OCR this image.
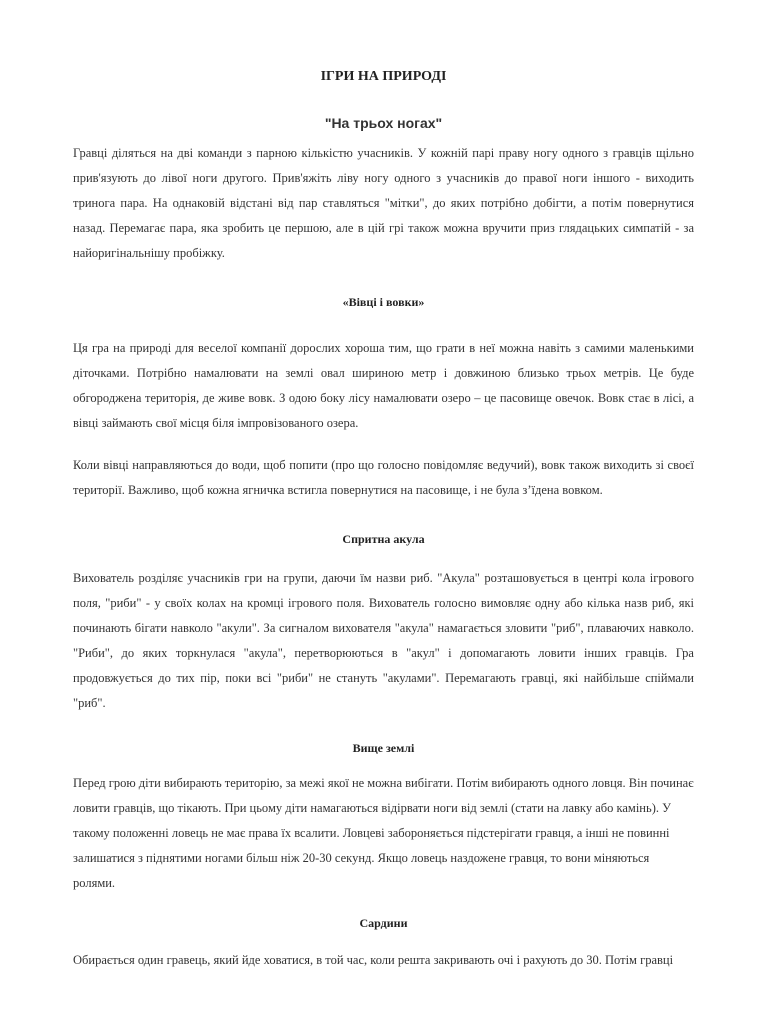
ІГРИ НА ПРИРОДІ
"На трьох ногах"

Гравці діляться на дві команди з парною кількістю учасників. У кожній парі праву ногу одного з гравців щільно прив'язують до лівої ноги другого. Прив'яжіть ліву ногу одного з учасників до правої ноги іншого - виходить тринога пара. На однаковій відстані від пар ставляться "мітки", до яких потрібно добігти, а потім повернутися назад. Перемагає пара, яка зробить це першою, але в цій грі також можна вручити приз глядацьких симпатій - за найоригінальнішу пробіжку.

«Вівці і вовки»

Ця гра на природі для веселої компанії дорослих хороша тим, що грати в неї можна навіть з самими маленькими діточками. Потрібно намалювати на землі овал шириною метр і довжиною близько трьох метрів. Це буде обгороджена територія, де живе вовк. З одою боку лісу намалювати озеро – це пасовище овечок. Вовк стає в лісі, а вівці займають свої місця біля імпровізованого озера.

Коли вівці направляються до води, щоб попити (про що голосно повідомляє ведучий), вовк також виходить зі своєї території. Важливо, щоб кожна ягничка встигла повернутися на пасовище, і не була з’їдена вовком.

Спритна акула

Вихователь розділяє учасників гри на групи, даючи їм назви риб. "Акула" розташовується в центрі кола ігрового поля, "риби" - у своїх колах на кромці ігрового поля. Вихователь голосно вимовляє одну або кілька назв риб, які починають бігати навколо "акули". За сигналом вихователя "акула" намагається зловити "риб", плаваючих навколо. "Риби", до яких торкнулася "акула", перетворюються в "акул" і допомагають ловити інших гравців. Гра продовжується до тих пір, поки всі "риби" не стануть "акулами". Перемагають гравці, які найбільше спіймали "риб".

Вище землі

Перед грою діти вибирають територію, за межі якої не можна вибігати. Потім вибирають одного ловця. Він починає ловити гравців, що тікають. При цьому діти намагаються відірвати ноги від землі (стати на лавку або камінь). У такому положенні ловець не має права їх всалити. Ловцеві забороняється підстерігати гравця, а інші не повинні залишатися з піднятими ногами більш ніж 20-30 секунд. Якщо ловець наздожене гравця, то вони міняються ролями.

Сардини

Обирається один гравець, який йде ховатися, в той час, коли решта закривають очі і рахують до 30. Потім гравці
